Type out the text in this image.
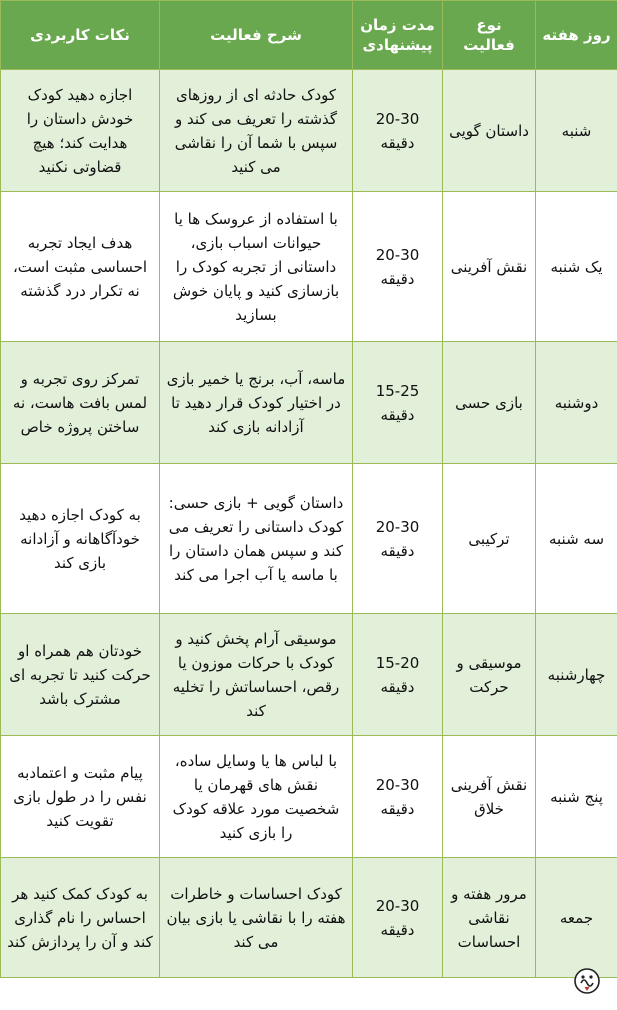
روز هفته	نوع فعالیت	مدت زمان پیشنهادی	شرح فعالیت	نکات کاربردی
شنبه	داستان گویی	20-30 دقیقه	کودک حادثه ای از روزهای گذشته را تعریف می کند و سپس با شما آن را نقاشی می کنید	اجازه دهید کودک خودش داستان را هدایت کند؛ هیچ قضاوتی نکنید
یک شنبه	نقش آفرینی	20-30 دقیقه	با استفاده از عروسک ها یا حیوانات اسباب بازی، داستانی از تجربه کودک را بازسازی کنید و پایان خوش بسازید	هدف ایجاد تجربه احساسی مثبت است، نه تکرار درد گذشته
دوشنبه	بازی حسی	15-25 دقیقه	ماسه، آب، برنج یا خمیر بازی در اختیار کودک قرار دهید تا آزادانه بازی کند	تمرکز روی تجربه و لمس بافت هاست، نه ساختن پروژه خاص
سه شنبه	ترکیبی	20-30 دقیقه	داستان گویی + بازی حسی: کودک داستانی را تعریف می کند و سپس همان داستان را با ماسه یا آب اجرا می کند	به کودک اجازه دهید خودآگاهانه و آزادانه بازی کند
چهارشنبه	موسیقی و حرکت	15-20 دقیقه	موسیقی آرام پخش کنید و کودک با حرکات موزون یا رقص، احساساتش را تخلیه کند	خودتان هم همراه او حرکت کنید تا تجربه ای مشترک باشد
پنج شنبه	نقش آفرینی خلاق	20-30 دقیقه	با لباس ها یا وسایل ساده، نقش های قهرمان یا شخصیت مورد علاقه کودک را بازی کنید	پیام مثبت و اعتمادبه نفس را در طول بازی تقویت کنید
جمعه	مرور هفته و نقاشی احساسات	20-30 دقیقه	کودک احساسات و خاطرات هفته را با نقاشی یا بازی بیان می کند	به کودک کمک کنید هر احساس را نام گذاری کند و آن را پردازش کند
